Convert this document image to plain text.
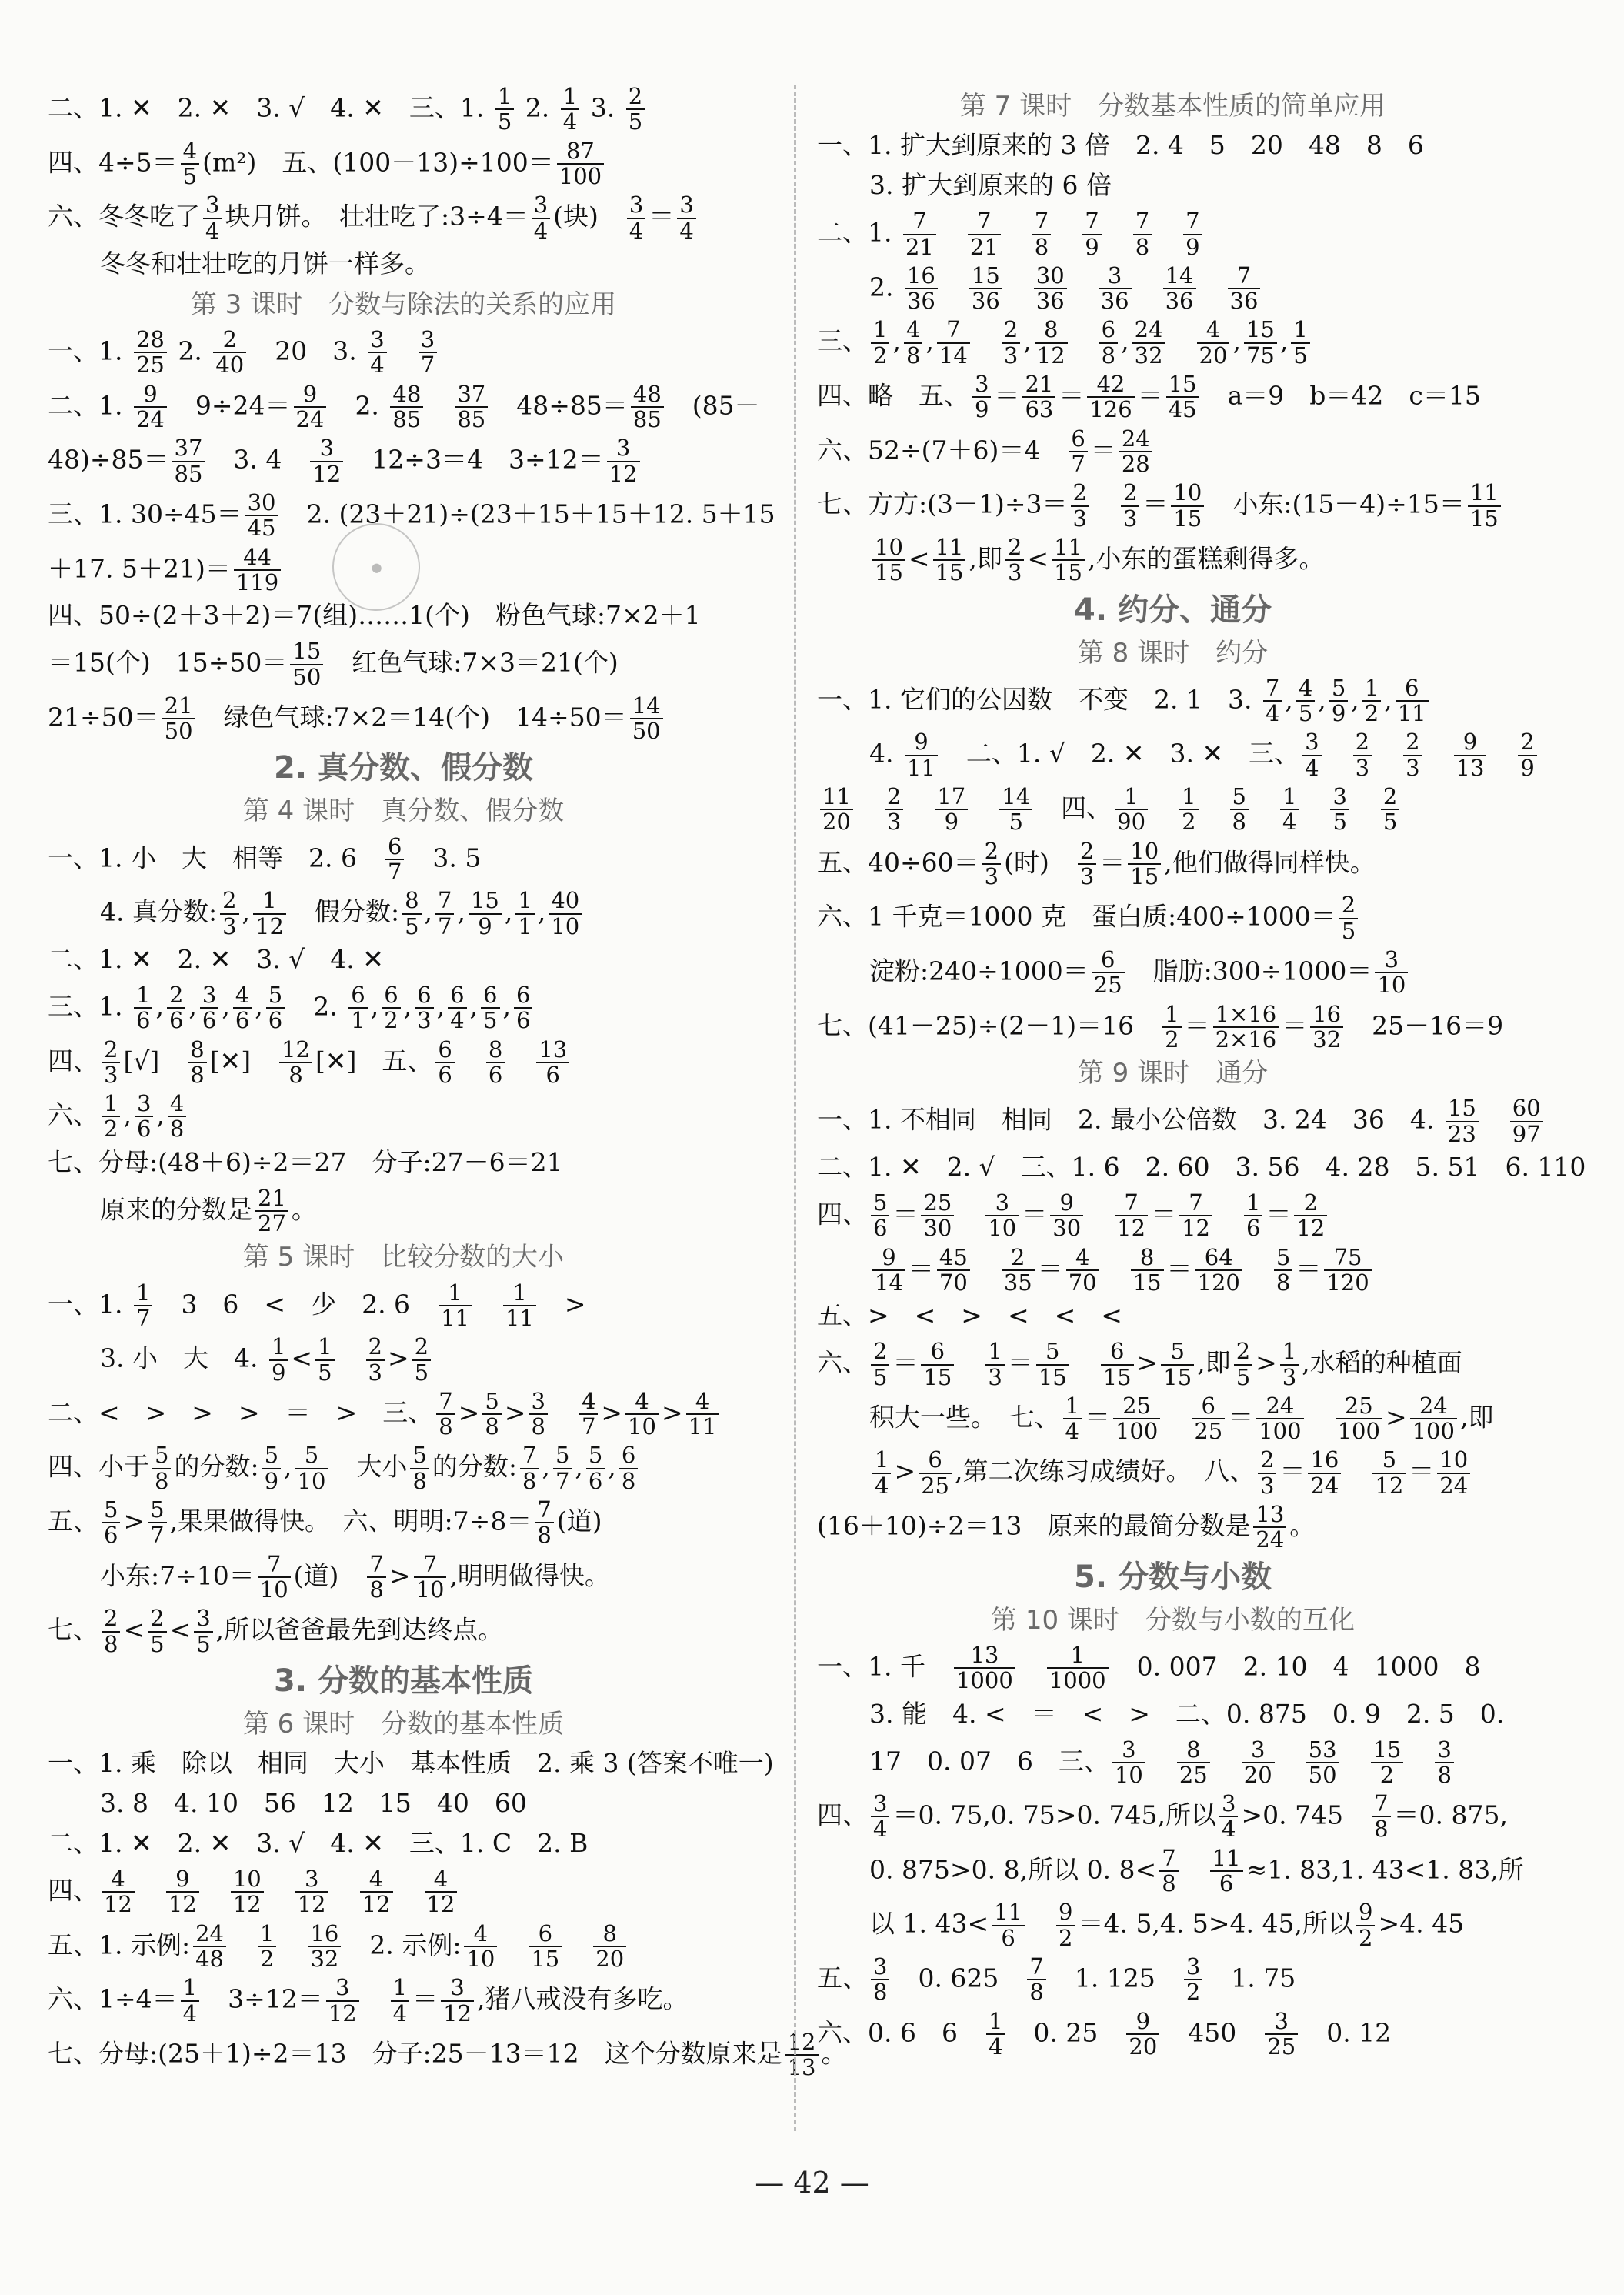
二、1. ✕　2. ✕　3. √　4. ✕　三、1. $\frac{1}{5} 2$. $\frac{1}{4} 3$. $\frac{2}{5}$
四、$4\div 5= \frac{4}{5} (m^2)$　五、$(100-13)\div 100= \frac{87}{100}$
六、冬冬吃了 $\frac{3}{4}$ 块月饼。　壮壮吃了:3÷4＝ $\frac{3}{4}$ (块)　 $\frac{3}{4} = \frac{3}{4}$
冬冬和壮壮吃的月饼一样多。
第 3 课时　分数与除法的关系的应用
一、1. $\frac{28}{25} 2$. $\frac{2}{40}$ 　20　3. $\frac{3}{4}$
　 $\frac{3}{7}$
二、1. $\frac{9}{24}$ 　$9\div 24= \frac{9}{24}$ 　2. $\frac{48}{85}$
　 $\frac{37}{85}$ 　$48\div 85= \frac{48}{85}$ 　(85－
$48)\div 85= \frac{37}{85}$ 　3. 4　 $\frac{3}{12}$ 　12÷3＝4　$3\div 12= \frac{3}{12}$
三、1. $30\div 45= \frac{30}{45}$ 　2. (23＋21)÷(23＋15＋15＋12. 5＋15
＋17. $5+21)= \frac{44}{119}$
四、50÷(2＋3＋2)＝7(组)……1(个)　粉色气球:7×2＋1
＝15(个)　$15\div 50= \frac{15}{50}$ 　红色气球:7×3＝21(个)
$21\div 50= \frac{21}{50}$ 　绿色气球:7×2＝14(个)　$14\div 50= \frac{14}{50}$
2. 真分数、假分数
第 4 课时　真分数、假分数
一、1. 小　大　相等　2. 6　 $\frac{6}{7}$ 　3. 5
4. 真分数: $\frac{2}{3}$ , $\frac{1}{12}$ 　假分数: $\frac{8}{5}$ , $\frac{7}{7}$ , $\frac{15}{9}$ , $\frac{1}{1}$ , $\frac{40}{10}$
二、1. ✕　2. ✕　3. √　4. ✕
三、1. $\frac{1}{6}$ , $\frac{2}{6}$ , $\frac{3}{6}$ , $\frac{4}{6}$ , $\frac{5}{6}$ 　2. $\frac{6}{1}$ , $\frac{6}{2}$ , $\frac{6}{3}$ , $\frac{6}{4}$ , $\frac{6}{5}$ , $\frac{6}{6}$
四、 $\frac{2}{3}$ [√]　 $\frac{8}{8}$ [✕]　 $\frac{12}{8}$ [✕]　五、 $\frac{6}{6}$
　 $\frac{8}{6}$
　 $\frac{13}{6}$
六、 $\frac{1}{2}$ , $\frac{3}{6}$ , $\frac{4}{8}$
七、分母:(48＋6)÷2＝27　分子:27－6＝21
原来的分数是 $\frac{21}{27}$ 。
第 5 课时　比较分数的大小
一、1. $\frac{1}{7}$ 　3　6　<　少　2. 6　 $\frac{1}{11}$
　 $\frac{1}{11}$ 　>
3. 小　大　4. $\frac{1}{9} < \frac{1}{5}$
　 $\frac{2}{3} > \frac{2}{5}$
二、<　>　>　>　＝　>　三、 $\frac{7}{8} > \frac{5}{8} > \frac{3}{8}$
　 $\frac{4}{7} > \frac{4}{10} > \frac{4}{11}$
四、小于 $\frac{5}{8}$ 的分数: $\frac{5}{9}$ , $\frac{5}{10}$ 　大小 $\frac{5}{8}$ 的分数: $\frac{7}{8}$ , $\frac{5}{7}$ , $\frac{5}{6}$ , $\frac{6}{8}$
五、 $\frac{5}{6} > \frac{5}{7}$ ,果果做得快。　六、明明:7÷8＝ $\frac{7}{8}$ (道)
小东:7÷10＝ $\frac{7}{10}$ (道)　 $\frac{7}{8} > \frac{7}{10}$ ,明明做得快。
七、 $\frac{2}{8} < \frac{2}{5} < \frac{3}{5}$ ,所以爸爸最先到达终点。
3. 分数的基本性质
第 6 课时　分数的基本性质
一、1. 乘　除以　相同　大小　基本性质　2. 乘 3 (答案不唯一)
3. 8　4. 10　56　12　15　40　60
二、1. ✕　2. ✕　3. √　4. ✕　三、1. C　2. B
四、 $\frac{4}{12}$
　 $\frac{9}{12}$
　 $\frac{10}{12}$
　 $\frac{3}{12}$
　 $\frac{4}{12}$
　 $\frac{4}{12}$
五、1. 示例: $\frac{24}{48}$
　 $\frac{1}{2}$
　 $\frac{16}{32}$ 　2. 示例: $\frac{4}{10}$
　 $\frac{6}{15}$
　 $\frac{8}{20}$
六、$1\div 4= \frac{1}{4}$ 　$3\div 12= \frac{3}{12}$
　 $\frac{1}{4} = \frac{3}{12}$ ,猪八戒没有多吃。
七、分母:(25＋1)÷2＝13　分子:25－13＝12　这个分数原来是 $\frac{12}{13}$ 。
第 7 课时　分数基本性质的简单应用
一、1. 扩大到原来的 3 倍　2. 4　5　20　48　8　6
3. 扩大到原来的 6 倍
二、1. $\frac{7}{21}$
　 $\frac{7}{21}$
　 $\frac{7}{8}$
　 $\frac{7}{9}$
　 $\frac{7}{8}$
　 $\frac{7}{9}$
2. $\frac{16}{36}$
　 $\frac{15}{36}$
　 $\frac{30}{36}$
　 $\frac{3}{36}$
　 $\frac{14}{36}$
　 $\frac{7}{36}$
三、 $\frac{1}{2}$ , $\frac{4}{8}$ , $\frac{7}{14}$
　 $\frac{2}{3}$ , $\frac{8}{12}$
　 $\frac{6}{8}$ , $\frac{24}{32}$
　 $\frac{4}{20}$ , $\frac{15}{75}$ , $\frac{1}{5}$
四、略　五、 $\frac{3}{9} = \frac{21}{63} = \frac{42}{126} = \frac{15}{45}$ 　a＝9　b＝42　c＝15
六、52÷(7＋6)＝4　 $\frac{6}{7} = \frac{24}{28}$
七、方方:(3－1)÷3＝ $\frac{2}{3}$
　 $\frac{2}{3} = \frac{10}{15}$ 　小东:(15－4)÷15＝ $\frac{11}{15}$
$\frac{10}{15} < \frac{11}{15}$ ,即 $\frac{2}{3} < \frac{11}{15}$ ,小东的蛋糕剩得多。
4. 约分、通分
第 8 课时　约分
一、1. 它们的公因数　不变　2. 1　3. $\frac{7}{4}$ , $\frac{4}{5}$ , $\frac{5}{9}$ , $\frac{1}{2}$ , $\frac{6}{11}$
4. $\frac{9}{11}$ 　二、1. √　2. ✕　3. ✕　三、 $\frac{3}{4}$
　 $\frac{2}{3}$
　 $\frac{2}{3}$
　 $\frac{9}{13}$
　 $\frac{2}{9}$
$\frac{11}{20}$
　 $\frac{2}{3}$
　 $\frac{17}{9}$
　 $\frac{14}{5}$ 　四、 $\frac{1}{90}$
　 $\frac{1}{2}$
　 $\frac{5}{8}$
　 $\frac{1}{4}$
　 $\frac{3}{5}$
　 $\frac{2}{5}$
五、$40\div 60= \frac{2}{3}$ (时)　 $\frac{2}{3} = \frac{10}{15}$ ,他们做得同样快。
六、1 千克＝1000 克　蛋白质:400÷1000＝ $\frac{2}{5}$
淀粉:240÷1000＝ $\frac{6}{25}$ 　脂肪:300÷1000＝ $\frac{3}{10}$
七、(41－25)÷(2－1)＝16　 $\frac{1}{2} = \frac{1\times 16}{2\times 16} = \frac{16}{32}$ 　25－16＝9
第 9 课时　通分
一、1. 不相同　相同　2. 最小公倍数　3. 24　36　4. $\frac{15}{23}$
　 $\frac{60}{97}$
二、1. ✕　2. √　三、1. 6　2. 60　3. 56　4. 28　5. 51　6. 110
四、 $\frac{5}{6} = \frac{25}{30}$
　 $\frac{3}{10} = \frac{9}{30}$
　 $\frac{7}{12} = \frac{7}{12}$
　 $\frac{1}{6} = \frac{2}{12}$
$\frac{9}{14} = \frac{45}{70}$
　 $\frac{2}{35} = \frac{4}{70}$
　 $\frac{8}{15} = \frac{64}{120}$
　 $\frac{5}{8} = \frac{75}{120}$
五、>　<　>　<　<　<
六、 $\frac{2}{5} = \frac{6}{15}$
　 $\frac{1}{3} = \frac{5}{15}$
　 $\frac{6}{15} > \frac{5}{15}$ ,即 $\frac{2}{5} > \frac{1}{3}$ ,水稻的种植面
积大一些。　七、 $\frac{1}{4} = \frac{25}{100}$
　 $\frac{6}{25} = \frac{24}{100}$
　 $\frac{25}{100} > \frac{24}{100}$ ,即
$\frac{1}{4} > \frac{6}{25}$ ,第二次练习成绩好。　八、 $\frac{2}{3} = \frac{16}{24}$
　 $\frac{5}{12} = \frac{10}{24}$
(16＋10)÷2＝13　原来的最简分数是 $\frac{13}{24}$ 。
5. 分数与小数
第 10 课时　分数与小数的互化
一、1. 千　 $\frac{13}{1000}$
　 $\frac{1}{1000}$ 　0. 007　2. 10　4　1000　8
3. 能　4. <　＝　<　>　二、0. 875　0. 9　2. 5　0.
17　0. 07　6　三、 $\frac{3}{10}$
　 $\frac{8}{25}$
　 $\frac{3}{20}$
　 $\frac{53}{50}$
　 $\frac{15}{2}$
　 $\frac{3}{8}$
四、 $\frac{3}{4} =0$. 75,0. 75>0. 745,所以 $\frac{3}{4} >0$. 745　 $\frac{7}{8} =0$. 875,
0. 875>0. 8,所以 0. $8< \frac{7}{8}$
　 $\frac{11}{6} \approx 1$. 83,1. 43<1. 83,所
以 1. $43< \frac{11}{6}$
　 $\frac{9}{2} =4$. 5,4. 5>4. 45,所以 $\frac{9}{2} >4$. 45
五、 $\frac{3}{8}$ 　0. 625　 $\frac{7}{8}$ 　1. 125　 $\frac{3}{2}$ 　1. 75
六、0. 6　6　 $\frac{1}{4}$ 　0. 25　 $\frac{9}{20}$ 　450　 $\frac{3}{25}$ 　0. 12
●
— 42 —
